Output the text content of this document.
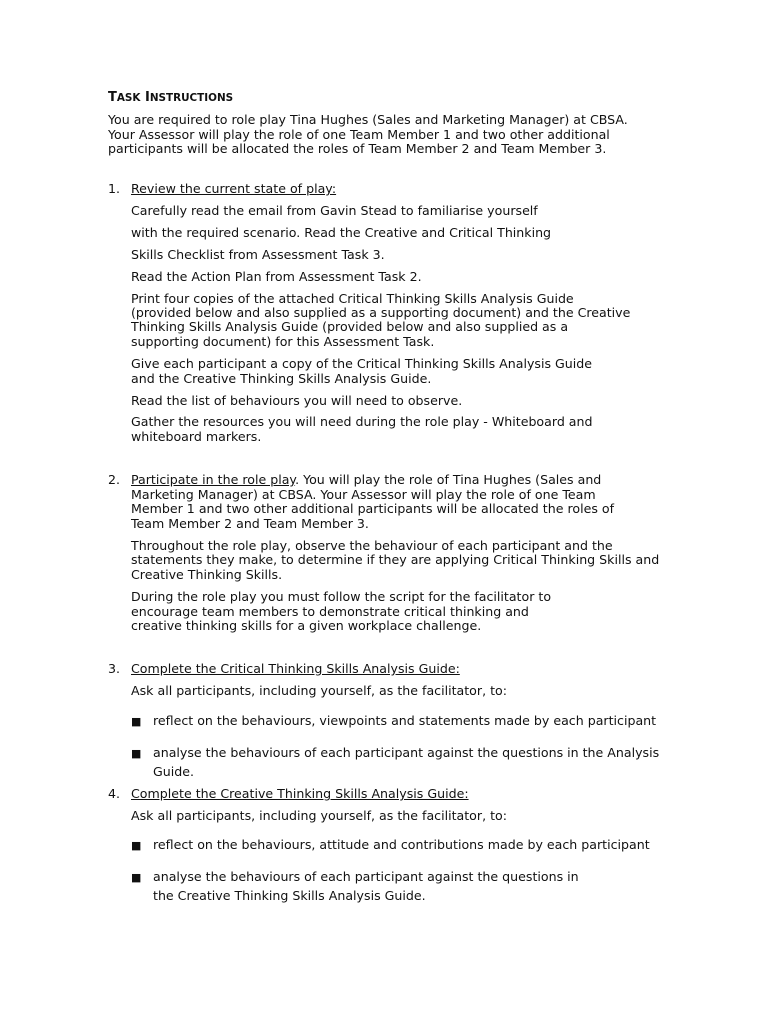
TASK INSTRUCTIONS
You are required to role play Tina Hughes (Sales and Marketing Manager) at CBSA.
Your Assessor will play the role of one Team Member 1 and two other additional
participants will be allocated the roles of Team Member 2 and Team Member 3.
1. Review the current state of play:
Carefully read the email from Gavin Stead to familiarise yourself
with the required scenario. Read the Creative and Critical Thinking
Skills Checklist from Assessment Task 3.
Read the Action Plan from Assessment Task 2.
Print four copies of the attached Critical Thinking Skills Analysis Guide
(provided below and also supplied as a supporting document) and the Creative
Thinking Skills Analysis Guide (provided below and also supplied as a
supporting document) for this Assessment Task.
Give each participant a copy of the Critical Thinking Skills Analysis Guide
and the Creative Thinking Skills Analysis Guide.
Read the list of behaviours you will need to observe.
Gather the resources you will need during the role play - Whiteboard and
whiteboard markers.
2. Participate in the role play. You will play the role of Tina Hughes (Sales and
Marketing Manager) at CBSA. Your Assessor will play the role of one Team
Member 1 and two other additional participants will be allocated the roles of
Team Member 2 and Team Member 3.
Throughout the role play, observe the behaviour of each participant and the
statements they make, to determine if they are applying Critical Thinking Skills and
Creative Thinking Skills.
During the role play you must follow the script for the facilitator to
encourage team members to demonstrate critical thinking and
creative thinking skills for a given workplace challenge.
3. Complete the Critical Thinking Skills Analysis Guide:
Ask all participants, including yourself, as the facilitator, to:
■ reflect on the behaviours, viewpoints and statements made by each participant
■ analyse the behaviours of each participant against the questions in the Analysis
Guide.
4. Complete the Creative Thinking Skills Analysis Guide:
Ask all participants, including yourself, as the facilitator, to:
■ reflect on the behaviours, attitude and contributions made by each participant
■ analyse the behaviours of each participant against the questions in
the Creative Thinking Skills Analysis Guide.
